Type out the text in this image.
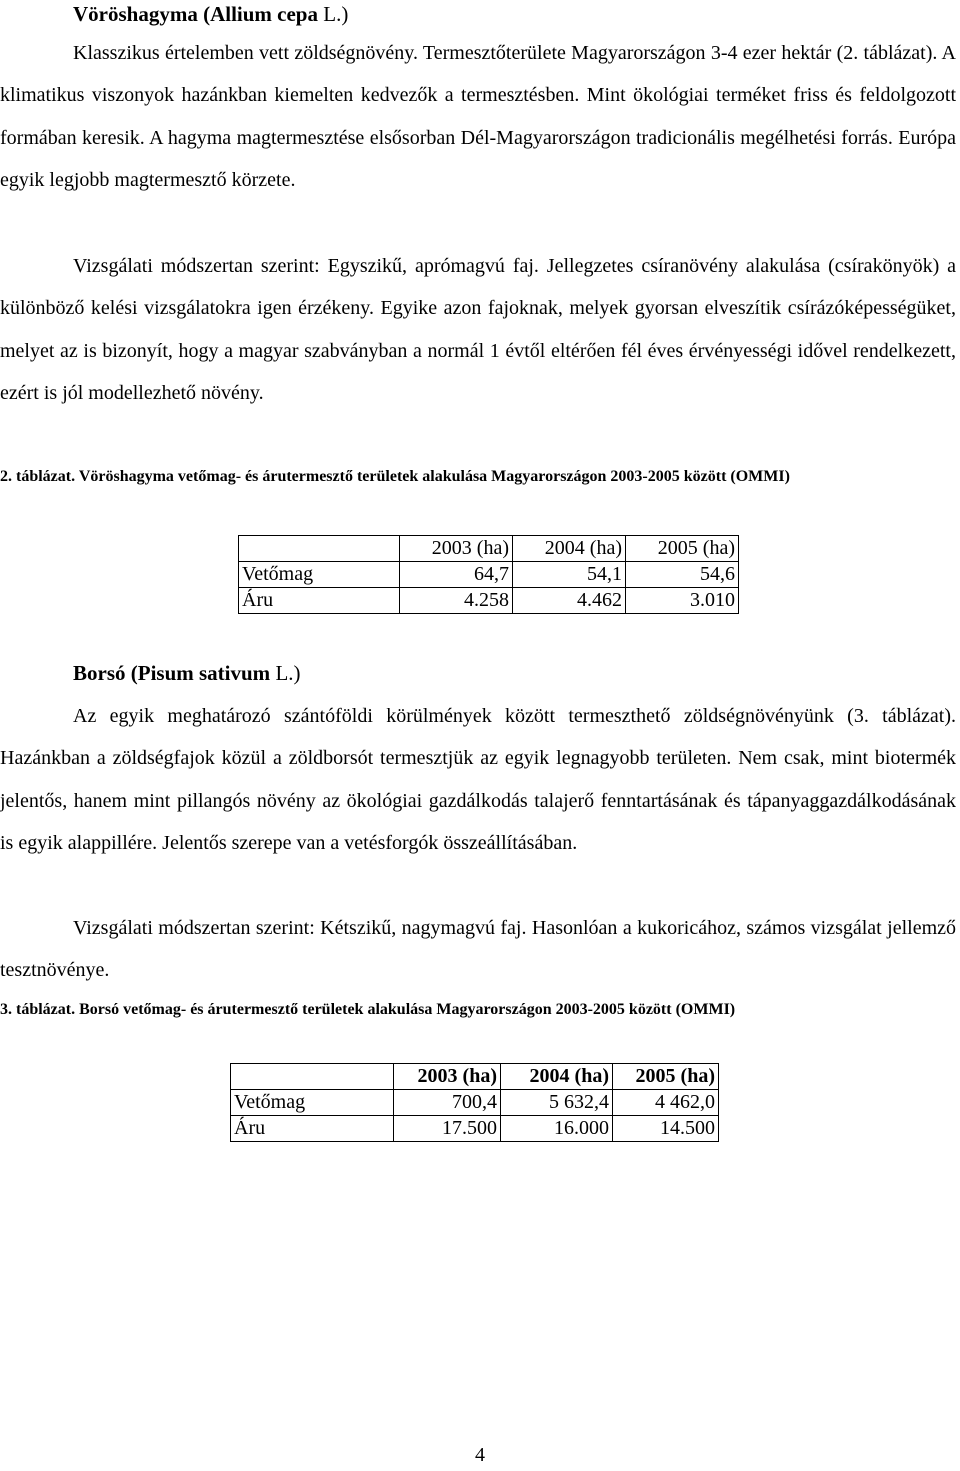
Vöröshagyma (Allium cepa L.)

Klasszikus értelemben vett zöldségnövény. Termesztőterülete Magyarországon 3-4 ezer hektár (2. táblázat). A klimatikus viszonyok hazánkban kiemelten kedvezők a termesztésben. Mint ökológiai terméket friss és feldolgozott formában keresik. A hagyma magtermesztése elsősorban Dél-Magyarországon tradicionális megélhetési forrás. Európa egyik legjobb magtermesztő körzete.

Vizsgálati módszertan szerint: Egyszikű, aprómagvú faj. Jellegzetes csíranövény alakulása (csírakönyök) a különböző kelési vizsgálatokra igen érzékeny. Egyike azon fajoknak, melyek gyorsan elveszítik csírázóképességüket, melyet az is bizonyít, hogy a magyar szabványban a normál 1 évtől eltérően fél éves érvényességi idővel rendelkezett, ezért is jól modellezhető növény.

2. táblázat. Vöröshagyma vetőmag- és árutermesztő területek alakulása Magyarországon 2003-2005 között (OMMI)

	2003 (ha)	2004 (ha)	2005 (ha)
Vetőmag	64,7	54,1	54,6
Áru	4.258	4.462	3.010
Borsó (Pisum sativum L.)

Az egyik meghatározó szántóföldi körülmények között termeszthető zöldségnövényünk (3. táblázat). Hazánkban a zöldségfajok közül a zöldborsót termesztjük az egyik legnagyobb területen. Nem csak, mint biotermék jelentős, hanem mint pillangós növény az ökológiai gazdálkodás talajerő fenntartásának és tápanyaggazdálkodásának is egyik alappillére. Jelentős szerepe van a vetésforgók összeállításában.

Vizsgálati módszertan szerint: Kétszikű, nagymagvú faj. Hasonlóan a kukoricához, számos vizsgálat jellemző tesztnövénye.

3. táblázat. Borsó vetőmag- és árutermesztő területek alakulása Magyarországon 2003-2005 között (OMMI)

	2003 (ha)	2004 (ha)	2005 (ha)
Vetőmag	700,4	5 632,4	4 462,0
Áru	17.500	16.000	14.500
4
